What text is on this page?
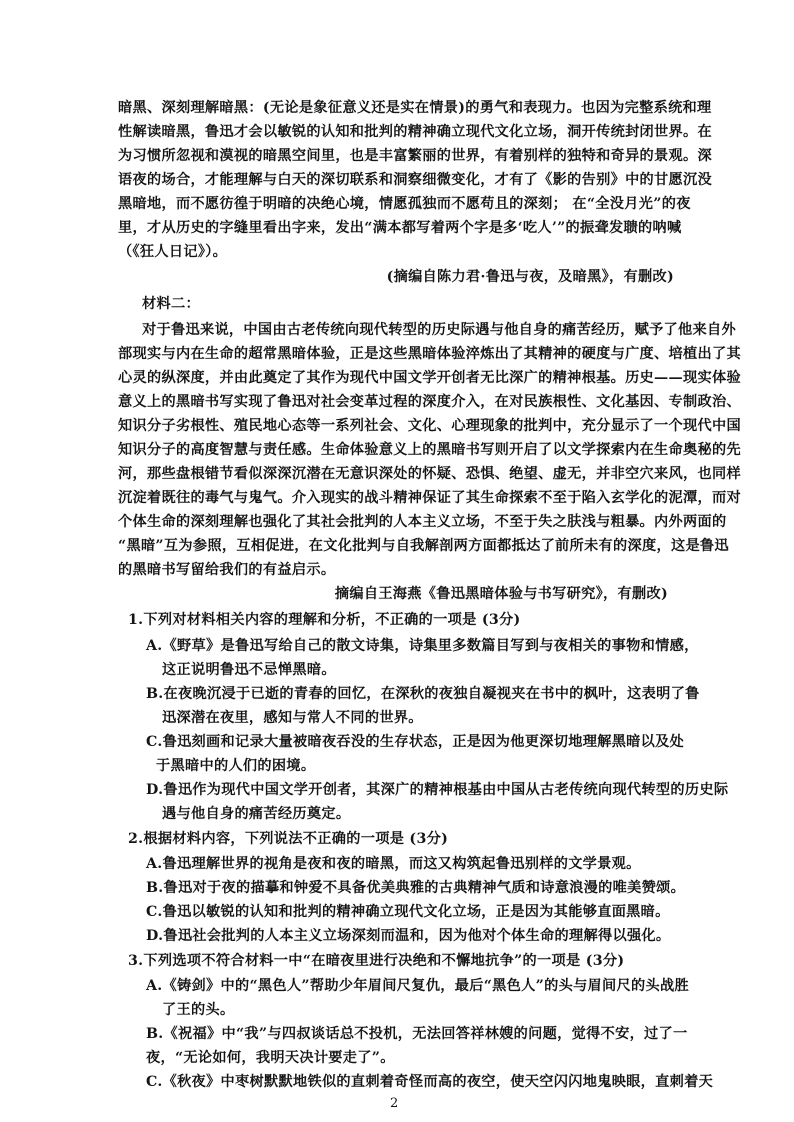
暗黑、深刻理解暗黑：(无论是象征意义还是实在情景)的勇气和表现力。也因为完整系统和理
性解读暗黑，鲁迅才会以敏锐的认知和批判的精神确立现代文化立场，洞开传统封闭世界。在
为习惯所忽视和漠视的暗黑空间里，也是丰富繁丽的世界，有着别样的独特和奇异的景观。深
语夜的场合，才能理解与白天的深切联系和洞察细微变化，才有了《影的告别》中的甘愿沉没
黑暗地，而不愿彷徨于明暗的决绝心境，情愿孤独而不愿苟且的深刻； 在“全没月光”的夜
里，才从历史的字缝里看出字来，发出“满本都写着两个字是多‘吃人’”的振聋发聩的呐喊
（《狂人日记》）。
(摘编自陈力君·鲁迅与夜，及暗黑》，有删改)
材料二：
对于鲁迅来说，中国由古老传统向现代转型的历史际遇与他自身的痛苦经历，赋予了他来自外
部现实与内在生命的超常黑暗体验，正是这些黑暗体验淬炼出了其精神的硬度与广度、培植出了其
心灵的纵深度，并由此奠定了其作为现代中国文学开创者无比深广的精神根基。历史——现实体验
意义上的黑暗书写实现了鲁迅对社会变革过程的深度介入，在对民族根性、文化基因、专制政治、
知识分子劣根性、殖民地心态等一系列社会、文化、心理现象的批判中，充分显示了一个现代中国
知识分子的高度智慧与责任感。生命体验意义上的黑暗书写则开启了以文学探索内在生命奥秘的先
河，那些盘根错节看似深深沉潜在无意识深处的怀疑、恐惧、绝望、虚无，并非空穴来风，也同样
沉淀着既往的毒气与鬼气。介入现实的战斗精神保证了其生命探索不至于陷入玄学化的泥潭，而对
个体生命的深刻理解也强化了其社会批判的人本主义立场，不至于失之肤浅与粗暴。内外两面的
“黑暗”互为参照，互相促进，在文化批判与自我解剖两方面都抵达了前所未有的深度，这是鲁迅
的黑暗书写留给我们的有益启示。
摘编自王海燕《鲁迅黑暗体验与书写研究》，有删改)
1.下列对材料相关内容的理解和分析，不正确的一项是 (3分)
A.《野草》是鲁迅写给自己的散文诗集，诗集里多数篇目写到与夜相关的事物和情感，
这正说明鲁迅不忌惮黑暗。
B.在夜晚沉浸于已逝的青春的回忆，在深秋的夜独自凝视夹在书中的枫叶，这表明了鲁
迅深潜在夜里，感知与常人不同的世界。
C.鲁迅刻画和记录大量被暗夜吞没的生存状态，正是因为他更深切地理解黑暗以及处
于黑暗中的人们的困境。
D.鲁迅作为现代中国文学开创者，其深广的精神根基由中国从古老传统向现代转型的历史际
遇与他自身的痛苦经历奠定。
2.根据材料内容，下列说法不正确的一项是 (3分)
A.鲁迅理解世界的视角是夜和夜的暗黑，而这又构筑起鲁迅别样的文学景观。
B.鲁迅对于夜的描摹和钟爱不具备优美典雅的古典精神气质和诗意浪漫的唯美赞颂。
C.鲁迅以敏锐的认知和批判的精神确立现代文化立场，正是因为其能够直面黑暗。
D.鲁迅社会批判的人本主义立场深刻而温和，因为他对个体生命的理解得以强化。
3.下列选项不符合材料一中“在暗夜里进行决绝和不懈地抗争”的一项是 (3分)
A.《铸剑》中的“黑色人”帮助少年眉间尺复仇，最后“黑色人”的头与眉间尺的头战胜
了王的头。
B.《祝福》中“我”与四叔谈话总不投机，无法回答祥林嫂的问题，觉得不安，过了一
夜，“无论如何，我明天决计要走了”。
C.《秋夜》中枣树默默地铁似的直刺着奇怪而高的夜空，使天空闪闪地鬼映眼，直刺着天
2
